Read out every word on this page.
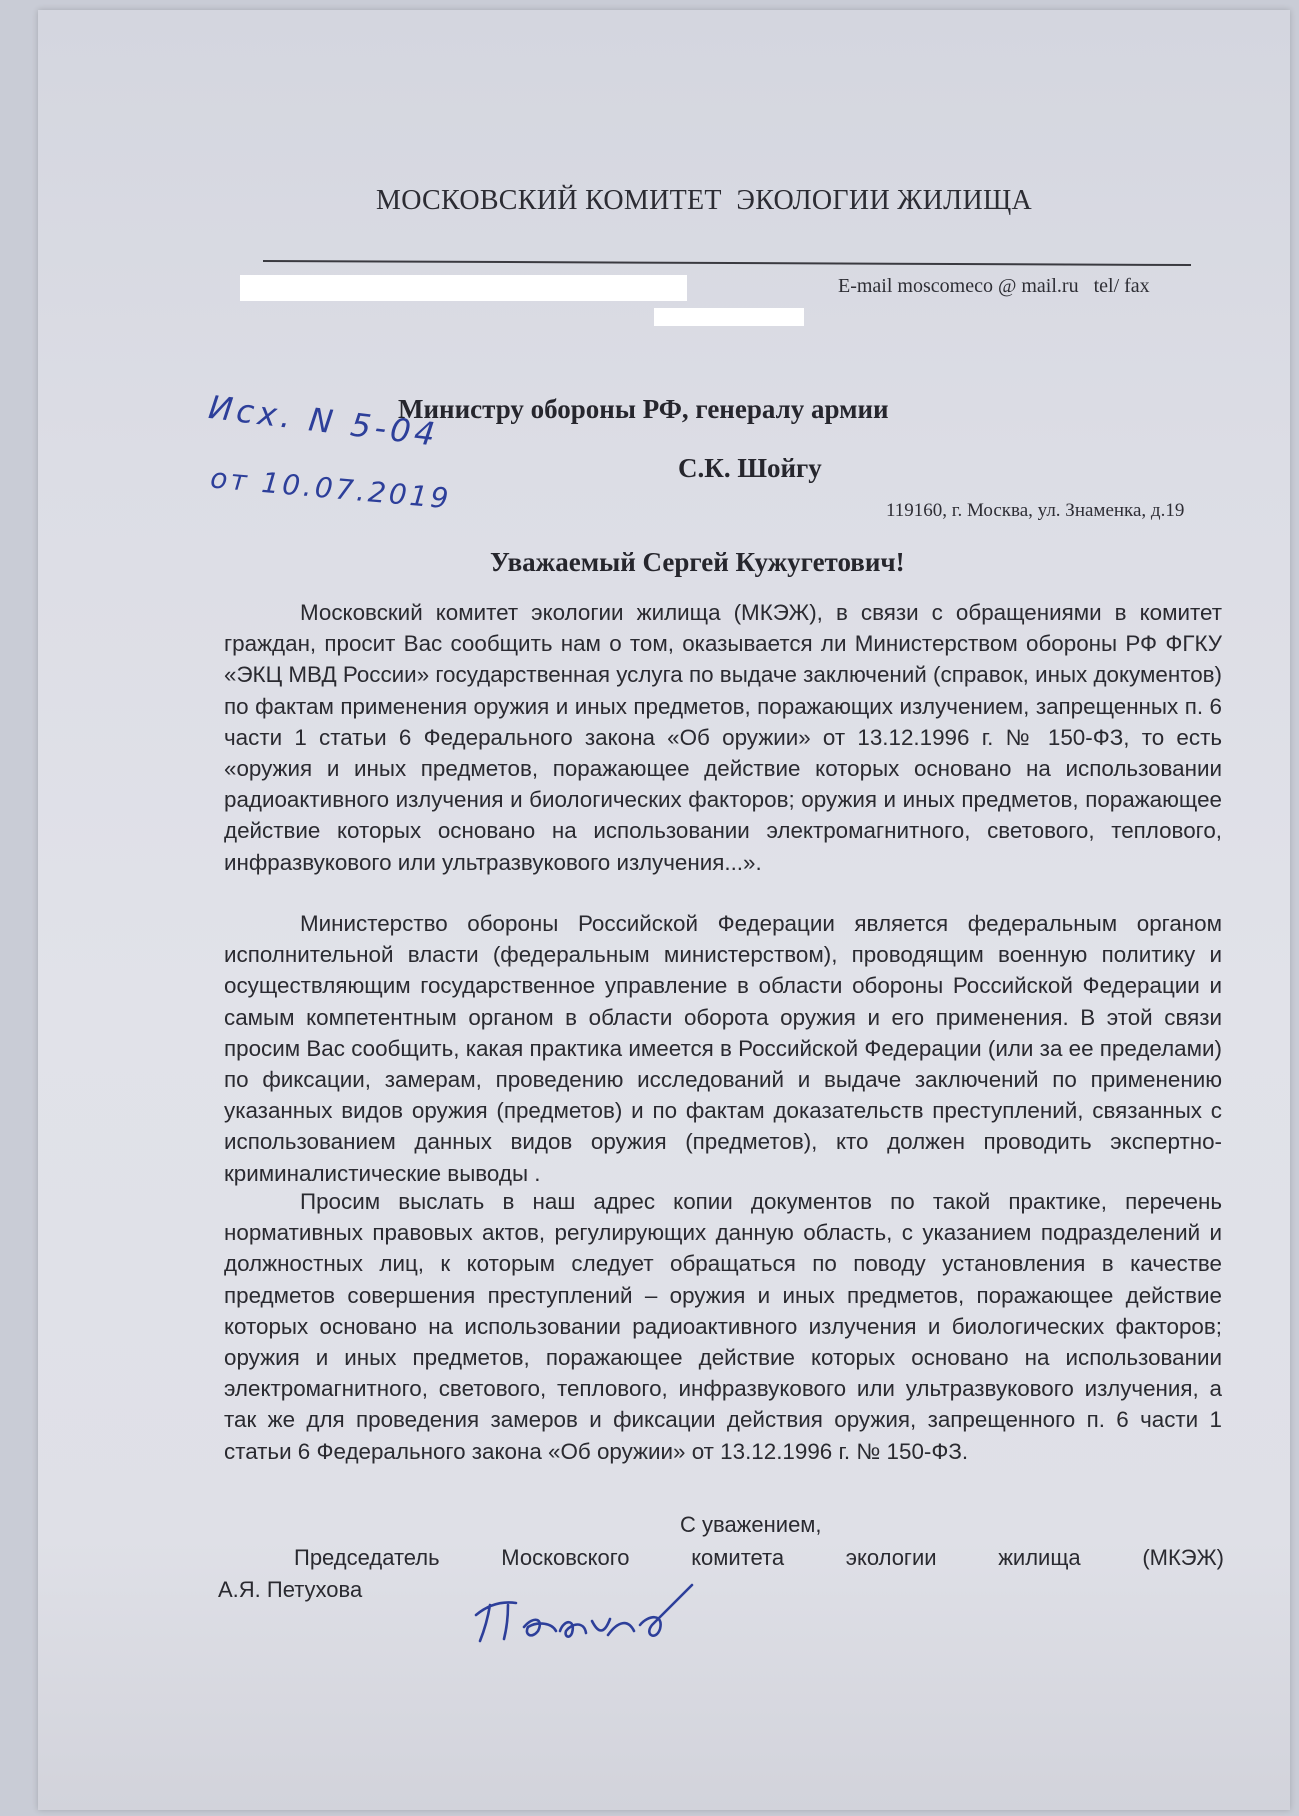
МОСКОВСКИЙ КОМИТЕТ  ЭКОЛОГИИ ЖИЛИЩА
E-mail moscomeco @ mail.ru   tel/ fax
Исх. N 5-04
от 10.07.2019
Министру обороны РФ, генералу армии
С.К. Шойгу
119160, г. Москва, ул. Знаменка, д.19
Уважаемый Сергей Кужугетович!

Московский комитет экологии жилища (МКЭЖ), в связи с обращениями в комитет граждан, просит Вас сообщить нам о том, оказывается ли Министерством обороны РФ ФГКУ «ЭКЦ МВД России» государственная услуга по выдаче заключений (справок, иных документов) по фактам применения оружия и иных предметов, поражающих излучением, запрещенных п. 6 части 1 статьи 6 Федерального закона «Об оружии» от 13.12.1996 г. № 150-ФЗ, то есть «оружия и иных предметов, поражающее действие которых основано на использовании радиоактивного излучения и биологических факторов; оружия и иных предметов, поражающее действие которых основано на использовании электромагнитного, светового, теплового, инфразвукового или ультразвукового излучения...».

Министерство обороны Российской Федерации является федеральным органом исполнительной власти (федеральным министерством), проводящим военную политику и осуществляющим государственное управление в области обороны Российской Федерации и самым компетентным органом в области оборота оружия и его применения. В этой связи просим Вас сообщить, какая практика имеется в Российской Федерации (или за ее пределами) по фиксации, замерам, проведению исследований и выдаче заключений по применению указанных видов оружия (предметов) и по фактам доказательств преступлений, связанных с использованием данных видов оружия (предметов), кто должен проводить экспертно-криминалистические выводы .

Просим выслать в наш адрес копии документов по такой практике, перечень нормативных правовых актов, регулирующих данную область, с указанием подразделений и должностных лиц, к которым следует обращаться по поводу установления в качестве предметов совершения преступлений – оружия и иных предметов, поражающее действие которых основано на использовании радиоактивного излучения и биологических факторов; оружия и иных предметов, поражающее действие которых основано на использовании электромагнитного, светового, теплового, инфразвукового или ультразвукового излучения, а так же для проведения замеров и фиксации действия оружия, запрещенного п. 6 части 1 статьи 6 Федерального закона «Об оружии» от 13.12.1996 г. № 150-ФЗ.

С уважением,
Председатель	Московского	комитета	экологии	жилища	(МКЭЖ)
А.Я. Петухова
